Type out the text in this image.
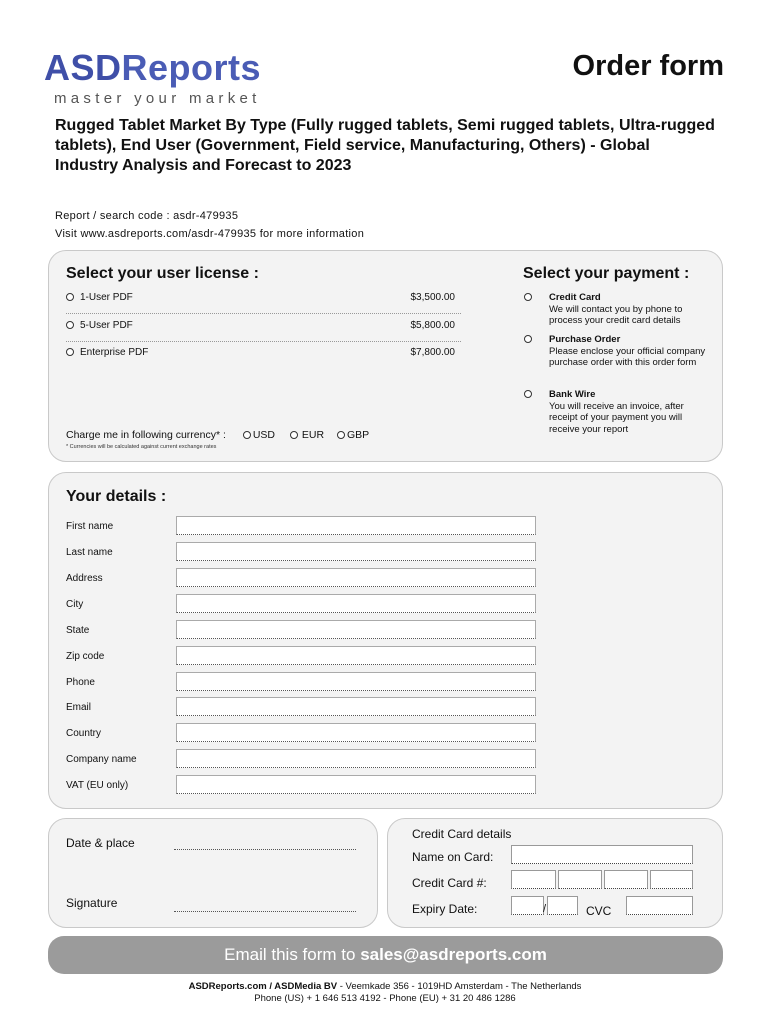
ASDReports
master your market
Order form
Rugged Tablet Market By Type (Fully rugged tablets, Semi rugged tablets, Ultra-rugged tablets), End User (Government, Field service, Manufacturing, Others) - Global Industry Analysis and Forecast to 2023
Report / search code : asdr-479935
Visit www.asdreports.com/asdr-479935 for more information
Select your user license :	Select your payment :
1-User PDF	$3,500.00
5-User PDF	$5,800.00
Enterprise PDF	$7,800.00
Charge me in following currency* :	USD	EUR GBP
* Currencies will be calculated against current exchange rates
Credit Card
We will contact you by phone to process your credit card details
Purchase Order
Please enclose your official company purchase order with this order form
Bank Wire
You will receive an invoice, after receipt of your payment you will receive your report
Your details :
First name
Last name
Address
City
State
Zip code
Phone
Email
Country
Company name
VAT (EU only)
Date & place
Signature
Credit Card details
Name on Card:
Credit Card #:
Expiry Date:	/	CVC
Email this form to sales@asdreports.com
ASDReports.com / ASDMedia BV - Veemkade 356 - 1019HD Amsterdam - The Netherlands
Phone (US) + 1 646 513 4192 - Phone (EU) + 31 20 486 1286
